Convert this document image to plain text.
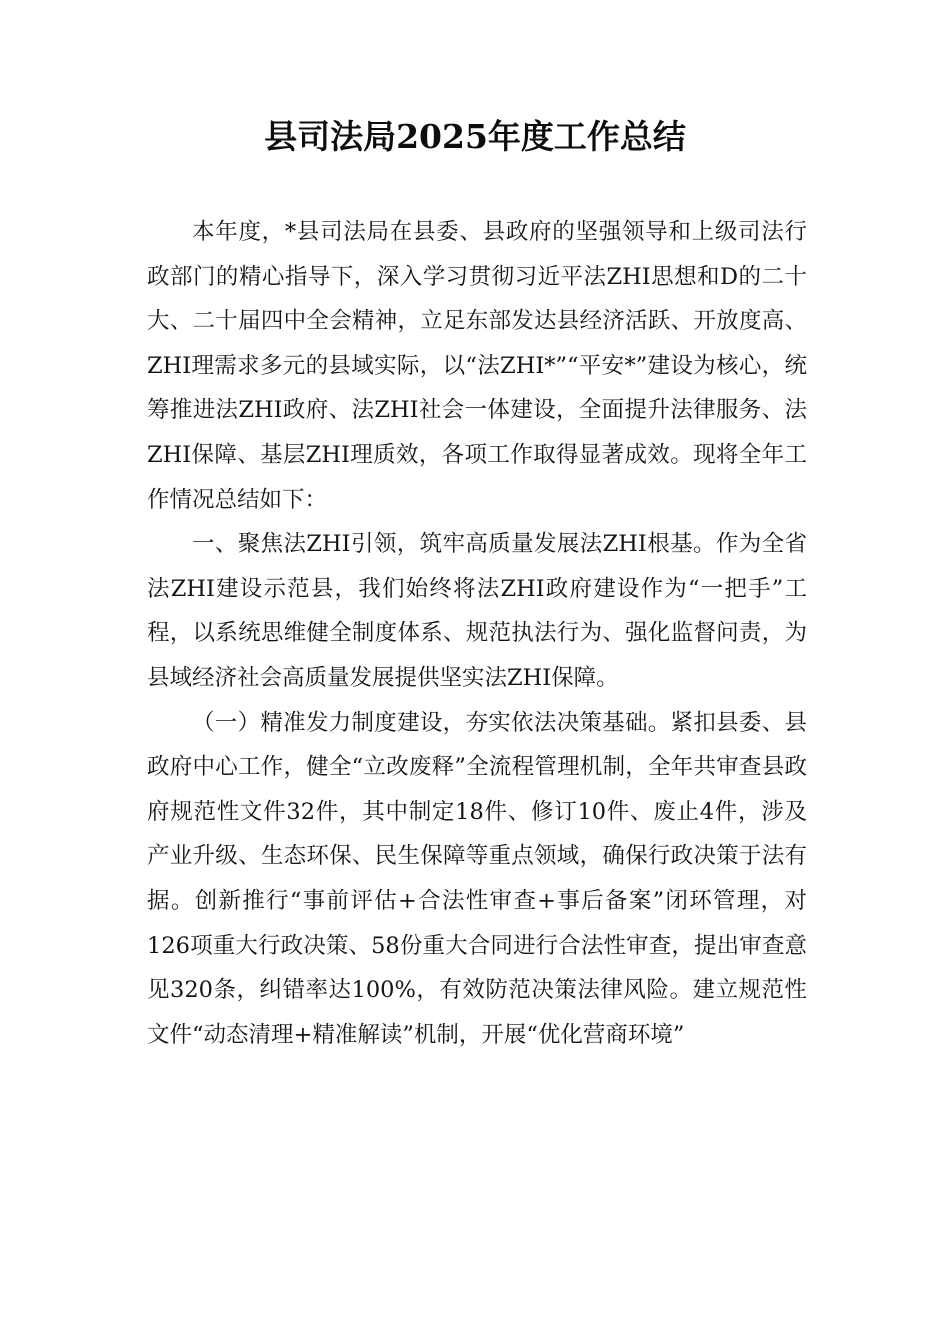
县司法局2025年度工作总结

本年度，*县司法局在县委、县政府的坚强领导和上级司法行政部门的精心指导下，深入学习贯彻习近平法ZHI思想和D的二十大、二十届四中全会精神，立足东部发达县经济活跃、开放度高、ZHI理需求多元的县域实际，以“法ZHI*”“平安*”建设为核心，统筹推进法ZHI政府、法ZHI社会一体建设，全面提升法律服务、法ZHI保障、基层ZHI理质效，各项工作取得显著成效。现将全年工作情况总结如下：

一、聚焦法ZHI引领，筑牢高质量发展法ZHI根基。作为全省法ZHI建设示范县，我们始终将法ZHI政府建设作为“一把手”工程，以系统思维健全制度体系、规范执法行为、强化监督问责，为县域经济社会高质量发展提供坚实法ZHI保障。

（一）精准发力制度建设，夯实依法决策基础。紧扣县委、县政府中心工作，健全“立改废释”全流程管理机制，全年共审查县政府规范性文件32件，其中制定18件、修订10件、废止4件，涉及产业升级、生态环保、民生保障等重点领域，确保行政决策于法有据。创新推行“事前评估+合法性审查+事后备案”闭环管理，对126项重大行政决策、58份重大合同进行合法性审查，提出审查意见320条，纠错率达100%，有效防范决策法律风险。建立规范性文件“动态清理+精准解读”机制，开展“优化营商环境”
